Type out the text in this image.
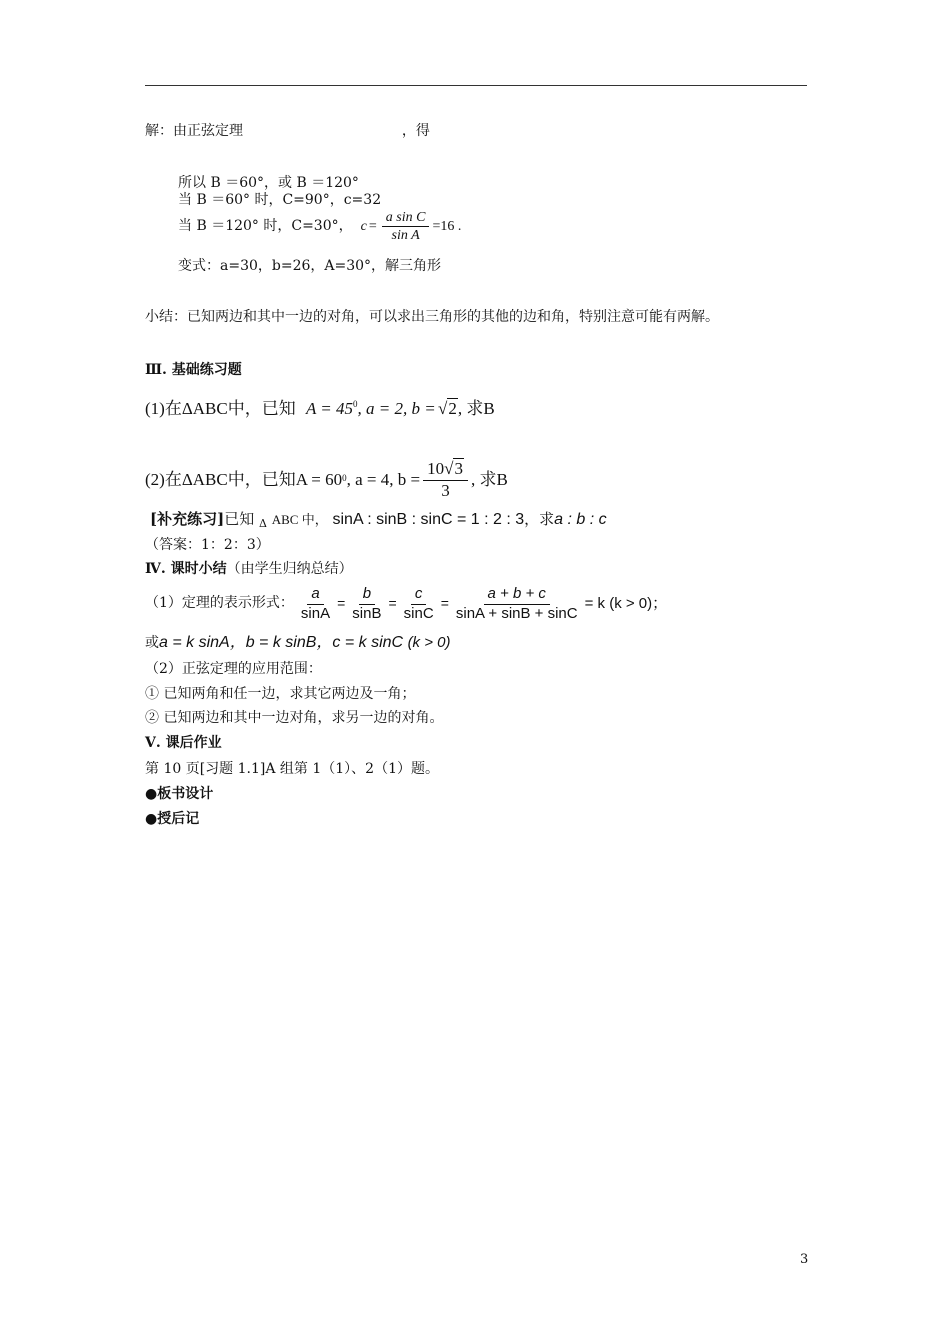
解：由正弦定理	，得
所以 B ＝60°，或 B ＝120°
当 B ＝60° 时，C=90°，c=32
当 B ＝120° 时，C=30°， $c = \frac{\text{a sin C}}{\text{sin A}} =16$ .
变式：a=30，b=26，A=30°，解三角形
小结：已知两边和其中一边的对角，可以求出三角形的其他的边和角，特别注意可能有两解。
Ⅲ. 基础练习题
(1)在ΔABC中，已知 $A = 45^0$, a = 2, b = √2, 求B
(2)在ΔABC中，已知A = 60 0 , a = 4, $b = \frac{10√3}{3}$ , 求B
[补充练习]已知 $_\Delta$ ABC 中， sinA : sinB : sinC = 1 : 2 : 3，求a : b : c
（答案：1：2：3）
Ⅳ. 课时小结（由学生归纳总结）
（1）定理的表示形式： $\frac{a}{\sin A} = \frac{b}{\sin B} = \frac{c}{\sin C} = \frac{a + b + c}{\sin A + \sin B + \sin C} = k$ (k > 0)；
或a = k sinA，b = k sinB，c = k sinC (k > 0)
（2）正弦定理的应用范围：
① 已知两角和任一边，求其它两边及一角；
② 已知两边和其中一边对角，求另一边的对角。
Ⅴ. 课后作业
第 10 页[习题 1.1]A 组第 1（1）、2（1）题。
●板书设计
●授后记
3
